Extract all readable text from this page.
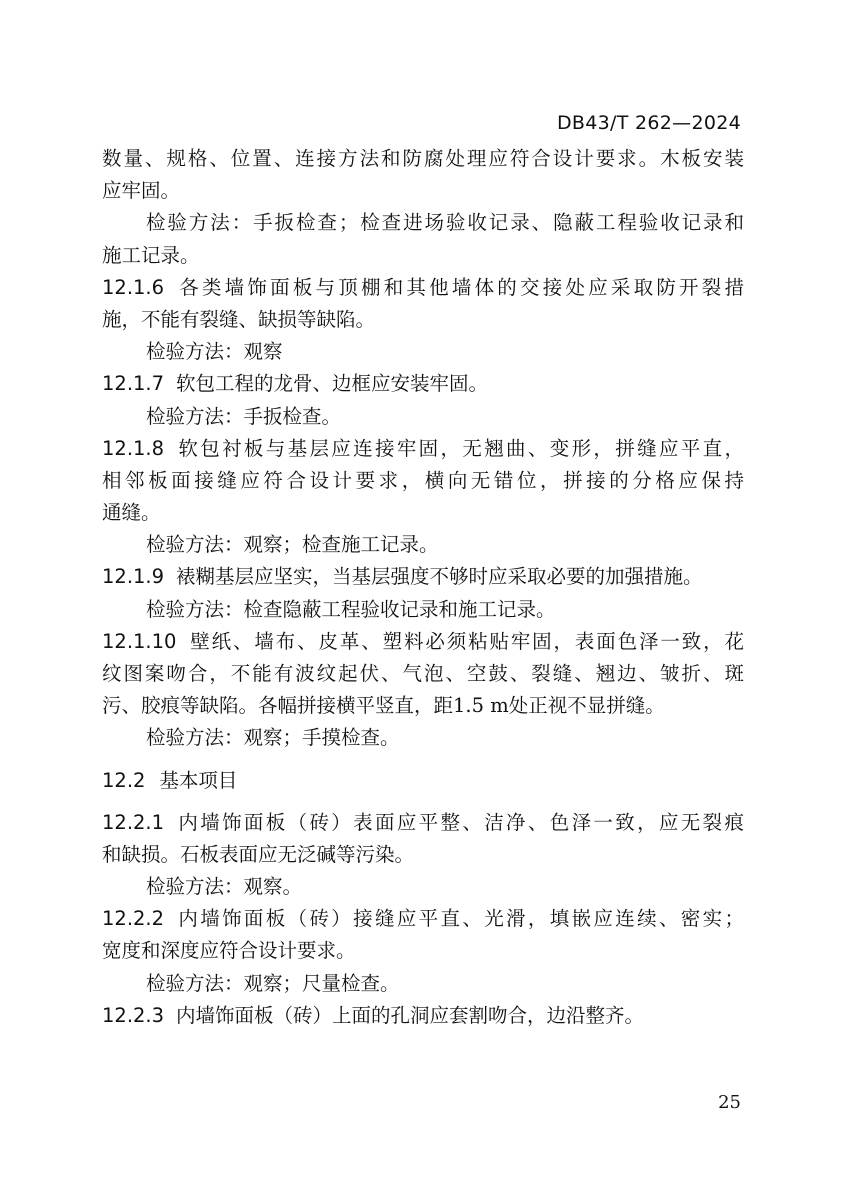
DB43/T 262—2024
数量、规格、位置、连接方法和防腐处理应符合设计要求。木板安装
应牢固。
检验方法：手扳检查；检查进场验收记录、隐蔽工程验收记录和
施工记录。
12.1.6 各类墙饰面板与顶棚和其他墙体的交接处应采取防开裂措
施，不能有裂缝、缺损等缺陷。
检验方法：观察
12.1.7 软包工程的龙骨、边框应安装牢固。
检验方法：手扳检查。
12.1.8 软包衬板与基层应连接牢固，无翘曲、变形，拼缝应平直，
相邻板面接缝应符合设计要求，横向无错位，拼接的分格应保持
通缝。
检验方法：观察；检查施工记录。
12.1.9 裱糊基层应坚实，当基层强度不够时应采取必要的加强措施。
检验方法：检查隐蔽工程验收记录和施工记录。
12.1.10 壁纸、墙布、皮革、塑料必须粘贴牢固，表面色泽一致，花
纹图案吻合，不能有波纹起伏、气泡、空鼓、裂缝、翘边、皱折、斑
污、胶痕等缺陷。各幅拼接横平竖直，距1.5 m处正视不显拼缝。
检验方法：观察；手摸检查。
12.2 基本项目
12.2.1 内墙饰面板（砖）表面应平整、洁净、色泽一致，应无裂痕
和缺损。石板表面应无泛碱等污染。
检验方法：观察。
12.2.2 内墙饰面板（砖）接缝应平直、光滑，填嵌应连续、密实；
宽度和深度应符合设计要求。
检验方法：观察；尺量检查。
12.2.3 内墙饰面板（砖）上面的孔洞应套割吻合，边沿整齐。
25
